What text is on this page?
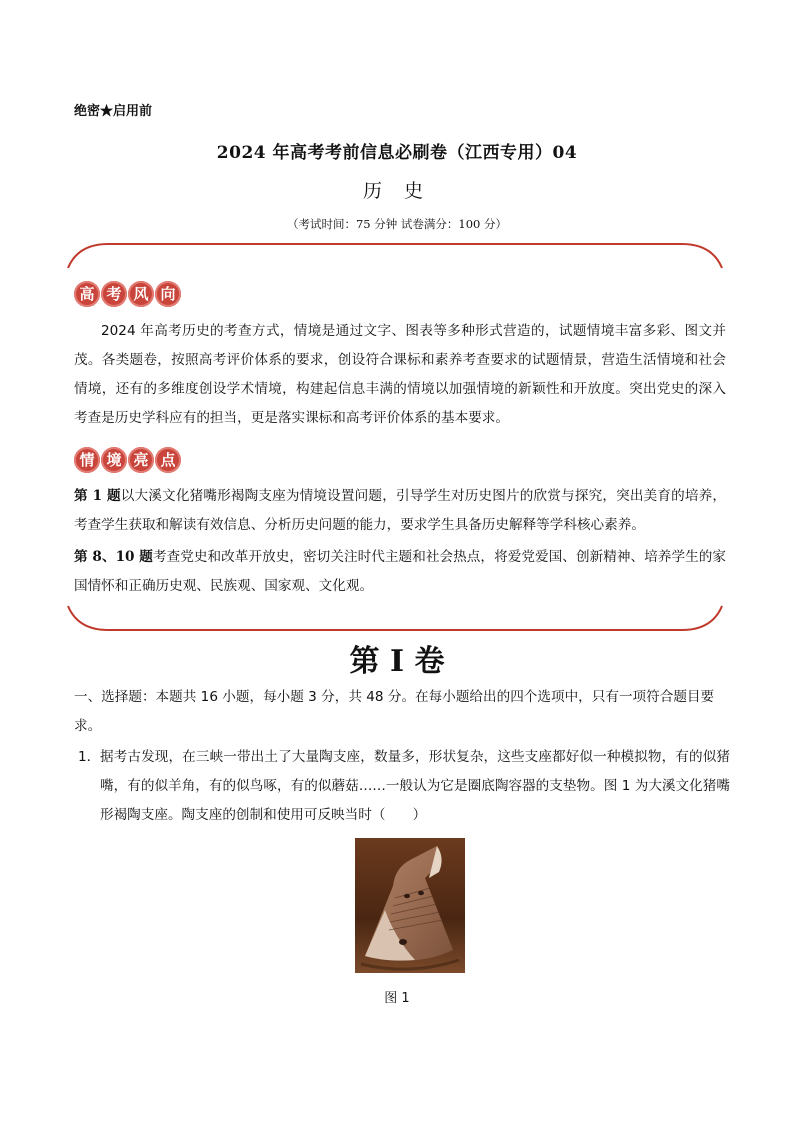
绝密★启用前
2024 年高考考前信息必刷卷（江西专用）04
历 史
（考试时间：75 分钟 试卷满分：100 分）
高 考 风 向
2024 年高考历史的考查方式，情境是通过文字、图表等多种形式营造的，试题情境丰富多彩、图文并茂。各类题卷，按照高考评价体系的要求，创设符合课标和素养考查要求的试题情景，营造生活情境和社会情境，还有的多维度创设学术情境，构建起信息丰满的情境以加强情境的新颖性和开放度。突出党史的深入考查是历史学科应有的担当，更是落实课标和高考评价体系的基本要求。
情 境 亮 点
第 1 题以大溪文化猪嘴形褐陶支座为情境设置问题，引导学生对历史图片的欣赏与探究，突出美育的培养，考查学生获取和解读有效信息、分析历史问题的能力，要求学生具备历史解释等学科核心素养。
第 8、10 题考查党史和改革开放史，密切关注时代主题和社会热点，将爱党爱国、创新精神、培养学生的家国情怀和正确历史观、民族观、国家观、文化观。
第 I 卷
一、选择题：本题共 16 小题，每小题 3 分，共 48 分。在每小题给出的四个选项中，只有一项符合题目要求。
1． 据考古发现，在三峡一带出土了大量陶支座，数量多，形状复杂，这些支座都好似一种模拟物，有的似猪嘴，有的似羊角，有的似鸟啄，有的似蘑菇……一般认为它是圈底陶容器的支垫物。图 1 为大溪文化猪嘴形褐陶支座。陶支座的创制和使用可反映当时（　　）
图 1
